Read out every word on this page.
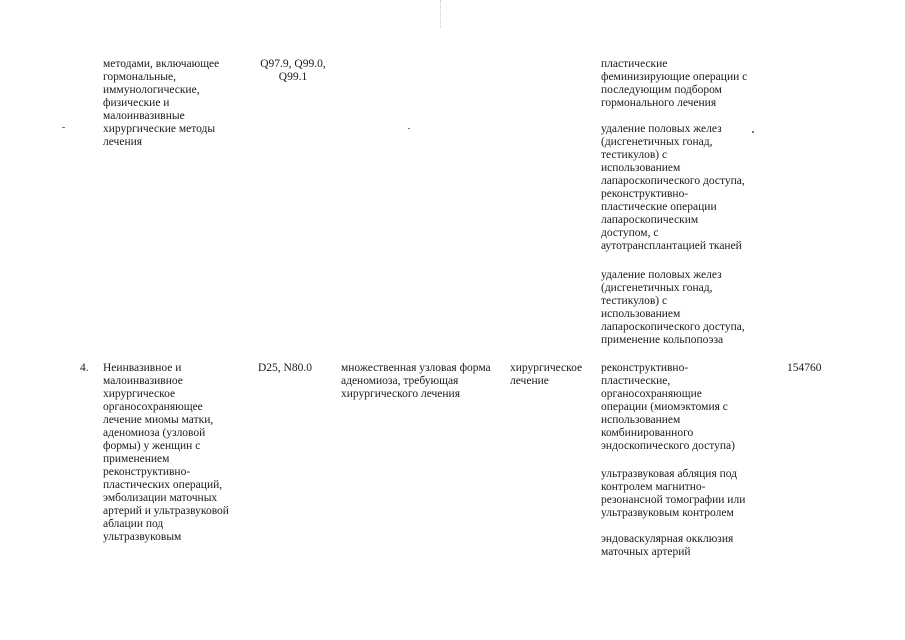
методами, включающее
гормональные,
иммунологические,
физические и
малоинвазивные
хирургические методы
лечения
Q97.9, Q99.0,
Q99.1
пластические
феминизирующие операции с
последующим подбором
гормонального лечения
удаление половых желез
(дисгенетичных гонад,
тестикулов) с
использованием
лапароскопического доступа,
реконструктивно-
пластические операции
лапароскопическим
доступом, с
аутотрансплантацией тканей
удаление половых желез
(дисгенетичных гонад,
тестикулов) с
использованием
лапароскопического доступа,
применение кольпопоэза
4. Неинвазивное и
малоинвазивное
хирургическое
органосохраняющее
лечение миомы матки,
аденомиоза (узловой
формы) у женщин с
применением
реконструктивно-
пластических операций,
эмболизации маточных
артерий и ультразвуковой
аблации под
ультразвуковым
D25, N80.0	множественная узловая форма
аденомиоза, требующая
хирургического лечения
хирургическое
лечение
реконструктивно-
пластические,
органосохраняющие
операции (миомэктомия с
использованием
комбинированного
эндоскопического доступа)
ультразвуковая абляция под
контролем магнитно-
резонансной томографии или
ультразвуковым контролем
эндоваскулярная окклюзия
маточных артерий
154760
